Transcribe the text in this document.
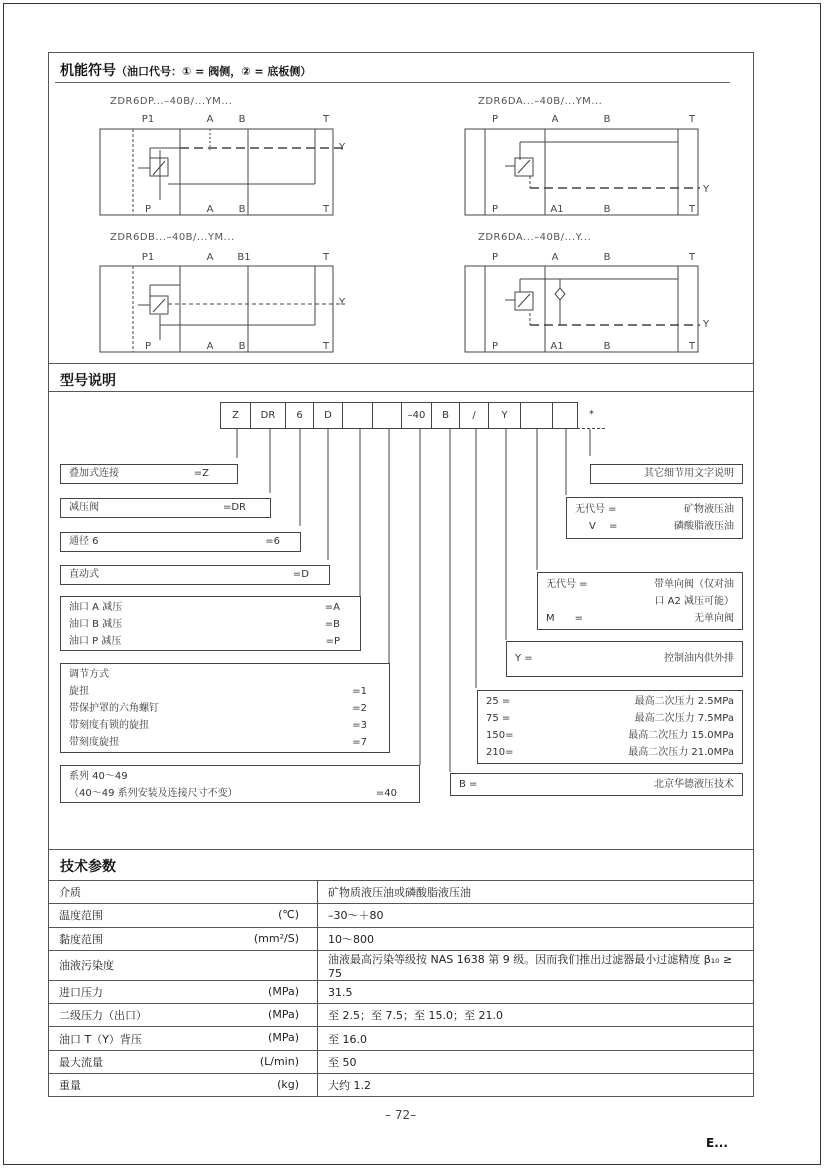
机能符号（油口代号：① = 阀侧，② = 底板侧）
ZDR6DP...–40B/...YM...	ZDR6DA...–40B/...YM...
ZDR6DB...–40B/...YM...	ZDR6DA...–40B/...Y...
P1	A	B	T
P	A	B	T
Y
P	A	B	T
P	A1	B	T
Y
P1	A B1	T
P	A	B	T
Y
P	A	B	T
P	A1	B	T
Y
型号说明
Z	DR	6	D	–40	B	/	Y	*
叠加式连接	=Z
减压阀	=DR
通径 6	=6
直动式	=D
油口 A 减压	=A
油口 B 减压	=B
油口 P 减压	=P
调节方式
旋扭	=1
带保护罩的六角螺钉	=2
带刻度有锁的旋扭	=3
带刻度旋扭	=7
系列 40～49
（40～49 系列安装及连接尺寸不变）	=40
其它细节用文字说明
无代号 =	矿物液压油
V　 =	磷酸脂液压油
无代号 =	带单向阀（仅对油
口 A2 减压可能）
M　　=	无单向阀
Y =	控制油内供外排
25 =	最高二次压力 2.5MPa
75 =	最高二次压力 7.5MPa
150=	最高二次压力 15.0MPa
210=	最高二次压力 21.0MPa
B =	北京华德液压技术
技术参数
介质	矿物质液压油或磷酸脂液压油
温度范围 (℃)	–30～＋80
黏度范围 (mm²/S)	10～800
油液污染度	油液最高污染等级按 NAS 1638 第 9 级。因而我们推出过滤器最小过滤精度 β₁₀ ≥ 75
进口压力 (MPa)	31.5
二级压力（出口） (MPa)	至 2.5；至 7.5；至 15.0；至 21.0
油口 T（Y）背压 (MPa)	至 16.0
最大流量 (L/min)	至 50
重量 (kg)	大约 1.2
– 72–
E...
